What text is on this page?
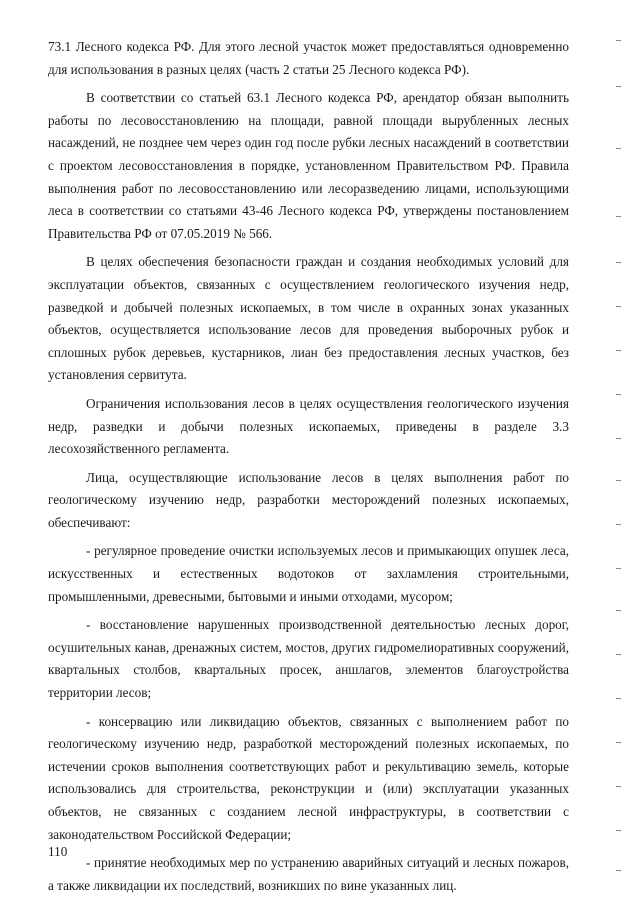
73.1 Лесного кодекса РФ. Для этого лесной участок может предоставляться одновременно для использования в разных целях (часть 2 статьи 25 Лесного кодекса РФ).

В соответствии со статьей 63.1 Лесного кодекса РФ, арендатор обязан выполнить работы по лесовосстановлению на площади, равной площади вырубленных лесных насаждений, не позднее чем через один год после рубки лесных насаждений в соответствии с проектом лесовосстановления в порядке, установленном Правительством РФ. Правила выполнения работ по лесовосстановлению или лесоразведению лицами, использующими леса в соответствии со статьями 43-46 Лесного кодекса РФ, утверждены постановлением Правительства РФ от 07.05.2019 № 566.

В целях обеспечения безопасности граждан и создания необходимых условий для эксплуатации объектов, связанных с осуществлением геологического изучения недр, разведкой и добычей полезных ископаемых, в том числе в охранных зонах указанных объектов, осуществляется использование лесов для проведения выборочных рубок и сплошных рубок деревьев, кустарников, лиан без предоставления лесных участков, без установления сервитута.

Ограничения использования лесов в целях осуществления геологического изучения недр, разведки и добычи полезных ископаемых, приведены в разделе 3.3 лесохозяйственного регламента.

Лица, осуществляющие использование лесов в целях выполнения работ по геологическому изучению недр, разработки месторождений полезных ископаемых, обеспечивают:

- регулярное проведение очистки используемых лесов и примыкающих опушек леса, искусственных и естественных водотоков от захламления строительными, промышленными, древесными, бытовыми и иными отходами, мусором;

- восстановление нарушенных производственной деятельностью лесных дорог, осушительных канав, дренажных систем, мостов, других гидромелиоративных сооружений, квартальных столбов, квартальных просек, аншлагов, элементов благоустройства территории лесов;

- консервацию или ликвидацию объектов, связанных с выполнением работ по геологическому изучению недр, разработкой месторождений полезных ископаемых, по истечении сроков выполнения соответствующих работ и рекультивацию земель, которые использовались для строительства, реконструкции и (или) эксплуатации указанных объектов, не связанных с созданием лесной инфраструктуры, в соответствии с законодательством Российской Федерации;

- принятие необходимых мер по устранению аварийных ситуаций и лесных пожаров, а также ликвидации их последствий, возникших по вине указанных лиц.

110
